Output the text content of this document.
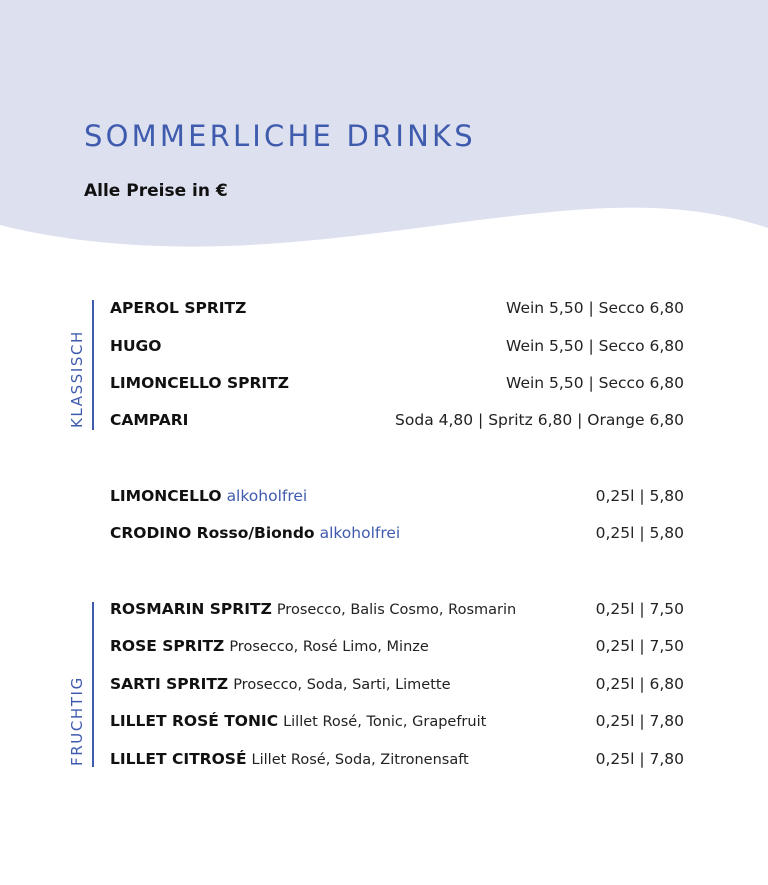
SOMMERLICHE DRINKS
Alle Preise in €
KLASSISCH
APEROL SPRITZ	Wein 5,50 | Secco 6,80
HUGO	Wein 5,50 | Secco 6,80
LIMONCELLO SPRITZ	Wein 5,50 | Secco 6,80
CAMPARI	Soda 4,80 | Spritz 6,80 | Orange 6,80
LIMONCELLO alkoholfrei	0,25l | 5,80
CRODINO Rosso/Biondo alkoholfrei	0,25l | 5,80
FRUCHTIG
ROSMARIN SPRITZ Prosecco, Balis Cosmo, Rosmarin	0,25l | 7,50
ROSE SPRITZ Prosecco, Rosé Limo, Minze	0,25l | 7,50
SARTI SPRITZ Prosecco, Soda, Sarti, Limette	0,25l | 6,80
LILLET ROSÉ TONIC Lillet Rosé, Tonic, Grapefruit	0,25l | 7,80
LILLET CITROSÉ Lillet Rosé, Soda, Zitronensaft	0,25l | 7,80
